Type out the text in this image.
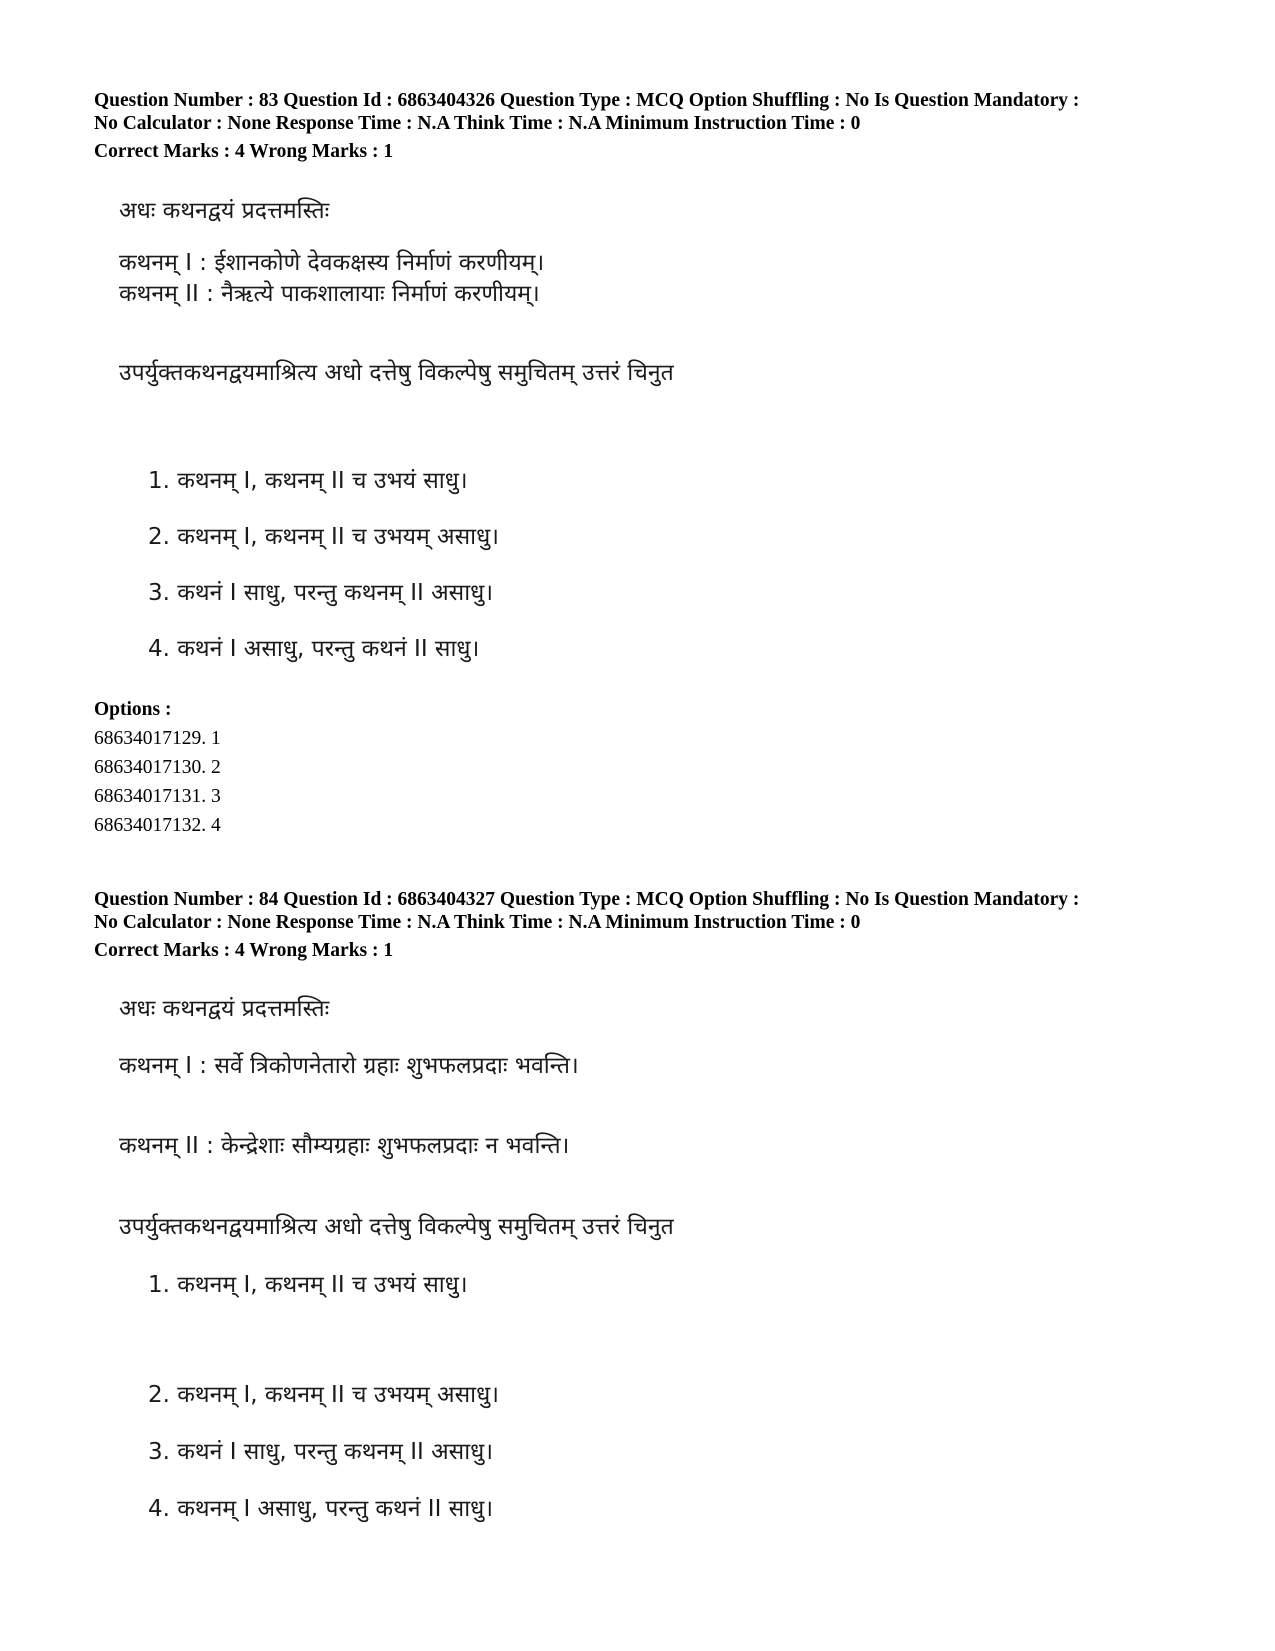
Question Number : 83 Question Id : 6863404326 Question Type : MCQ Option Shuffling : No Is Question Mandatory :
No Calculator : None Response Time : N.A Think Time : N.A Minimum Instruction Time : 0
Correct Marks : 4 Wrong Marks : 1
अधः कथनद्वयं प्रदत्तमस्तिः
कथनम् I : ईशानकोणे देवकक्षस्य निर्माणं करणीयम्।
कथनम् II : नैऋत्ये पाकशालायाः निर्माणं करणीयम्।
उपर्युक्तकथनद्वयमाश्रित्य अधो दत्तेषु विकल्पेषु समुचितम् उत्तरं चिनुत
1. कथनम् I, कथनम् II च उभयं साधु।
2. कथनम् I, कथनम् II च उभयम् असाधु।
3. कथनं I साधु, परन्तु कथनम् II असाधु।
4. कथनं I असाधु, परन्तु कथनं II साधु।
Options :
68634017129. 1
68634017130. 2
68634017131. 3
68634017132. 4
Question Number : 84 Question Id : 6863404327 Question Type : MCQ Option Shuffling : No Is Question Mandatory :
No Calculator : None Response Time : N.A Think Time : N.A Minimum Instruction Time : 0
Correct Marks : 4 Wrong Marks : 1
अधः कथनद्वयं प्रदत्तमस्तिः
कथनम् I : सर्वे त्रिकोणनेतारो ग्रहाः शुभफलप्रदाः भवन्ति।
कथनम् II : केन्द्रेशाः सौम्यग्रहाः शुभफलप्रदाः न भवन्ति।
उपर्युक्तकथनद्वयमाश्रित्य अधो दत्तेषु विकल्पेषु समुचितम् उत्तरं चिनुत
1. कथनम् I, कथनम् II च उभयं साधु।
2. कथनम् I, कथनम् II च उभयम् असाधु।
3. कथनं I साधु, परन्तु कथनम् II असाधु।
4. कथनम् I असाधु, परन्तु कथनं II साधु।
